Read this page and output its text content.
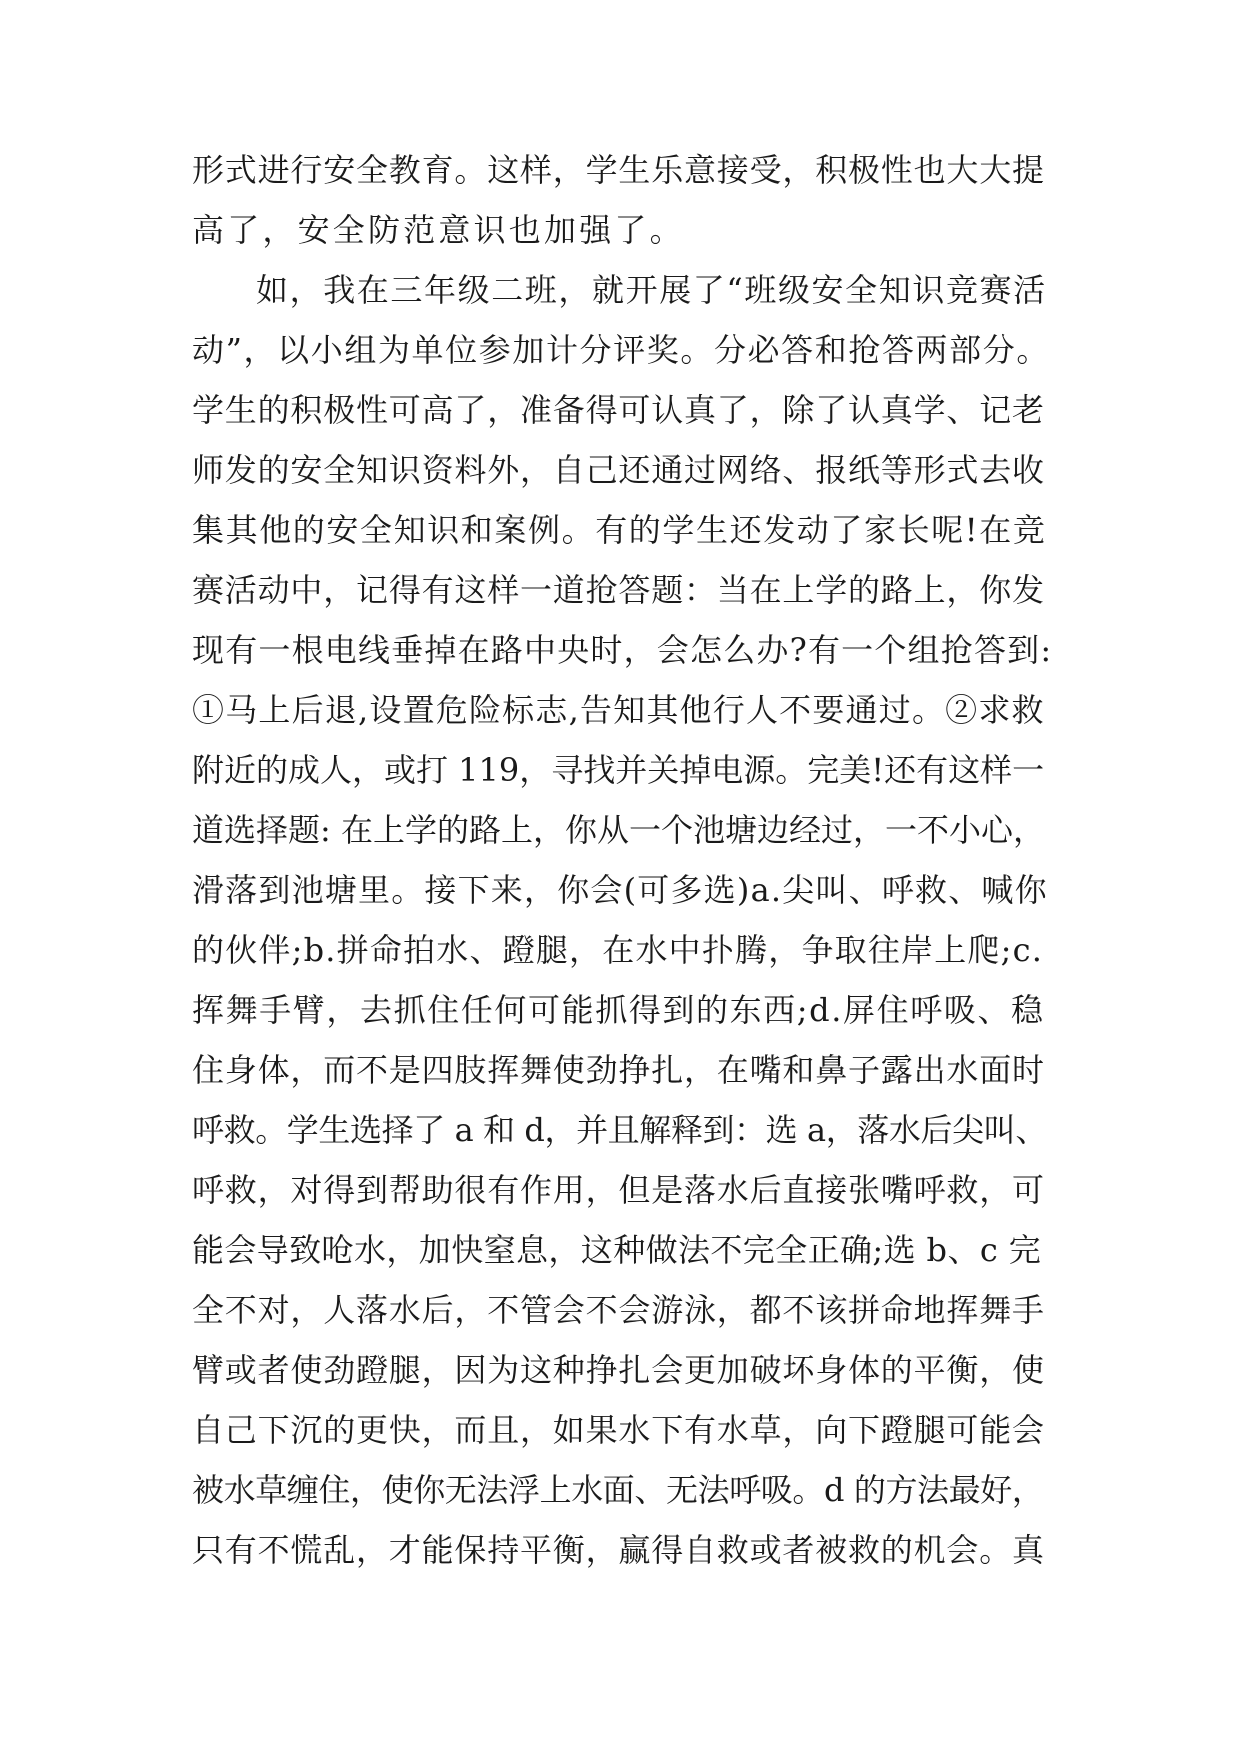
形式进行安全教育。这样，学生乐意接受，积极性也大大提
高了，安全防范意识也加强了。
如，我在三年级二班，就开展了“班级安全知识竞赛活
动”，以小组为单位参加计分评奖。分必答和抢答两部分。
学生的积极性可高了，准备得可认真了，除了认真学、记老
师发的安全知识资料外，自己还通过网络、报纸等形式去收
集其他的安全知识和案例。有的学生还发动了家长呢!在竞
赛活动中，记得有这样一道抢答题：当在上学的路上，你发
现有一根电线垂掉在路中央时，会怎么办?有一个组抢答到:
①马上后退,设置危险标志,告知其他行人不要通过。②求救
附近的成人，或打 119，寻找并关掉电源。完美!还有这样一
道选择题: 在上学的路上，你从一个池塘边经过，一不小心，
滑落到池塘里。接下来，你会(可多选)a.尖叫、呼救、喊你
的伙伴;b.拼命拍水、蹬腿，在水中扑腾，争取往岸上爬;c.
挥舞手臂，去抓住任何可能抓得到的东西;d.屏住呼吸、稳
住身体，而不是四肢挥舞使劲挣扎，在嘴和鼻子露出水面时
呼救。学生选择了 a 和 d，并且解释到：选 a，落水后尖叫、
呼救，对得到帮助很有作用，但是落水后直接张嘴呼救，可
能会导致呛水，加快窒息，这种做法不完全正确;选 b、c 完
全不对，人落水后，不管会不会游泳，都不该拼命地挥舞手
臂或者使劲蹬腿，因为这种挣扎会更加破坏身体的平衡，使
自己下沉的更快，而且，如果水下有水草，向下蹬腿可能会
被水草缠住，使你无法浮上水面、无法呼吸。d 的方法最好，
只有不慌乱，才能保持平衡，赢得自救或者被救的机会。真
